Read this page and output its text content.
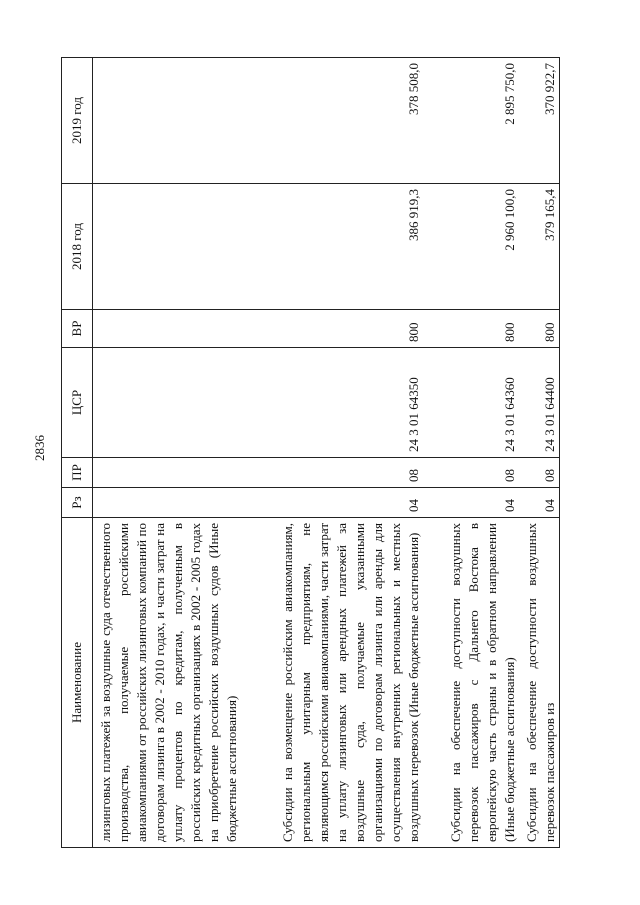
2836
Наименование	Рз	ПР	ЦСР	ВР	2018 год	2019 год
лизинговых платежей за воздушные суда отечественного производства, получаемые российскими авиакомпаниями от российских лизинговых компаний по договорам лизинга в 2002 - 2010 годах, и части затрат на уплату процентов по кредитам, полученным в российских кредитных организациях в 2002 - 2005 годах на приобретение российских воздушных судов (Иные бюджетные ассигнования)						
Субсидии на возмещение российским авиакомпаниям, региональным унитарным предприятиям, не являющимся российскими авиакомпаниями, части затрат на уплату лизинговых или арендных платежей за воздушные суда, получаемые указанными организациями по договорам лизинга или аренды для осуществления внутренних региональных и местных воздушных перевозок (Иные бюджетные ассигнования)	04	08	24 3 01 64350	800	386 919,3	378 508,0
Субсидии на обеспечение доступности воздушных перевозок пассажиров с Дальнего Востока в европейскую часть страны и в обратном направлении (Иные бюджетные ассигнования)	04	08	24 3 01 64360	800	2 960 100,0	2 895 750,0
Субсидии на обеспечение доступности воздушных перевозок пассажиров из	04	08	24 3 01 64400	800	379 165,4	370 922,7
